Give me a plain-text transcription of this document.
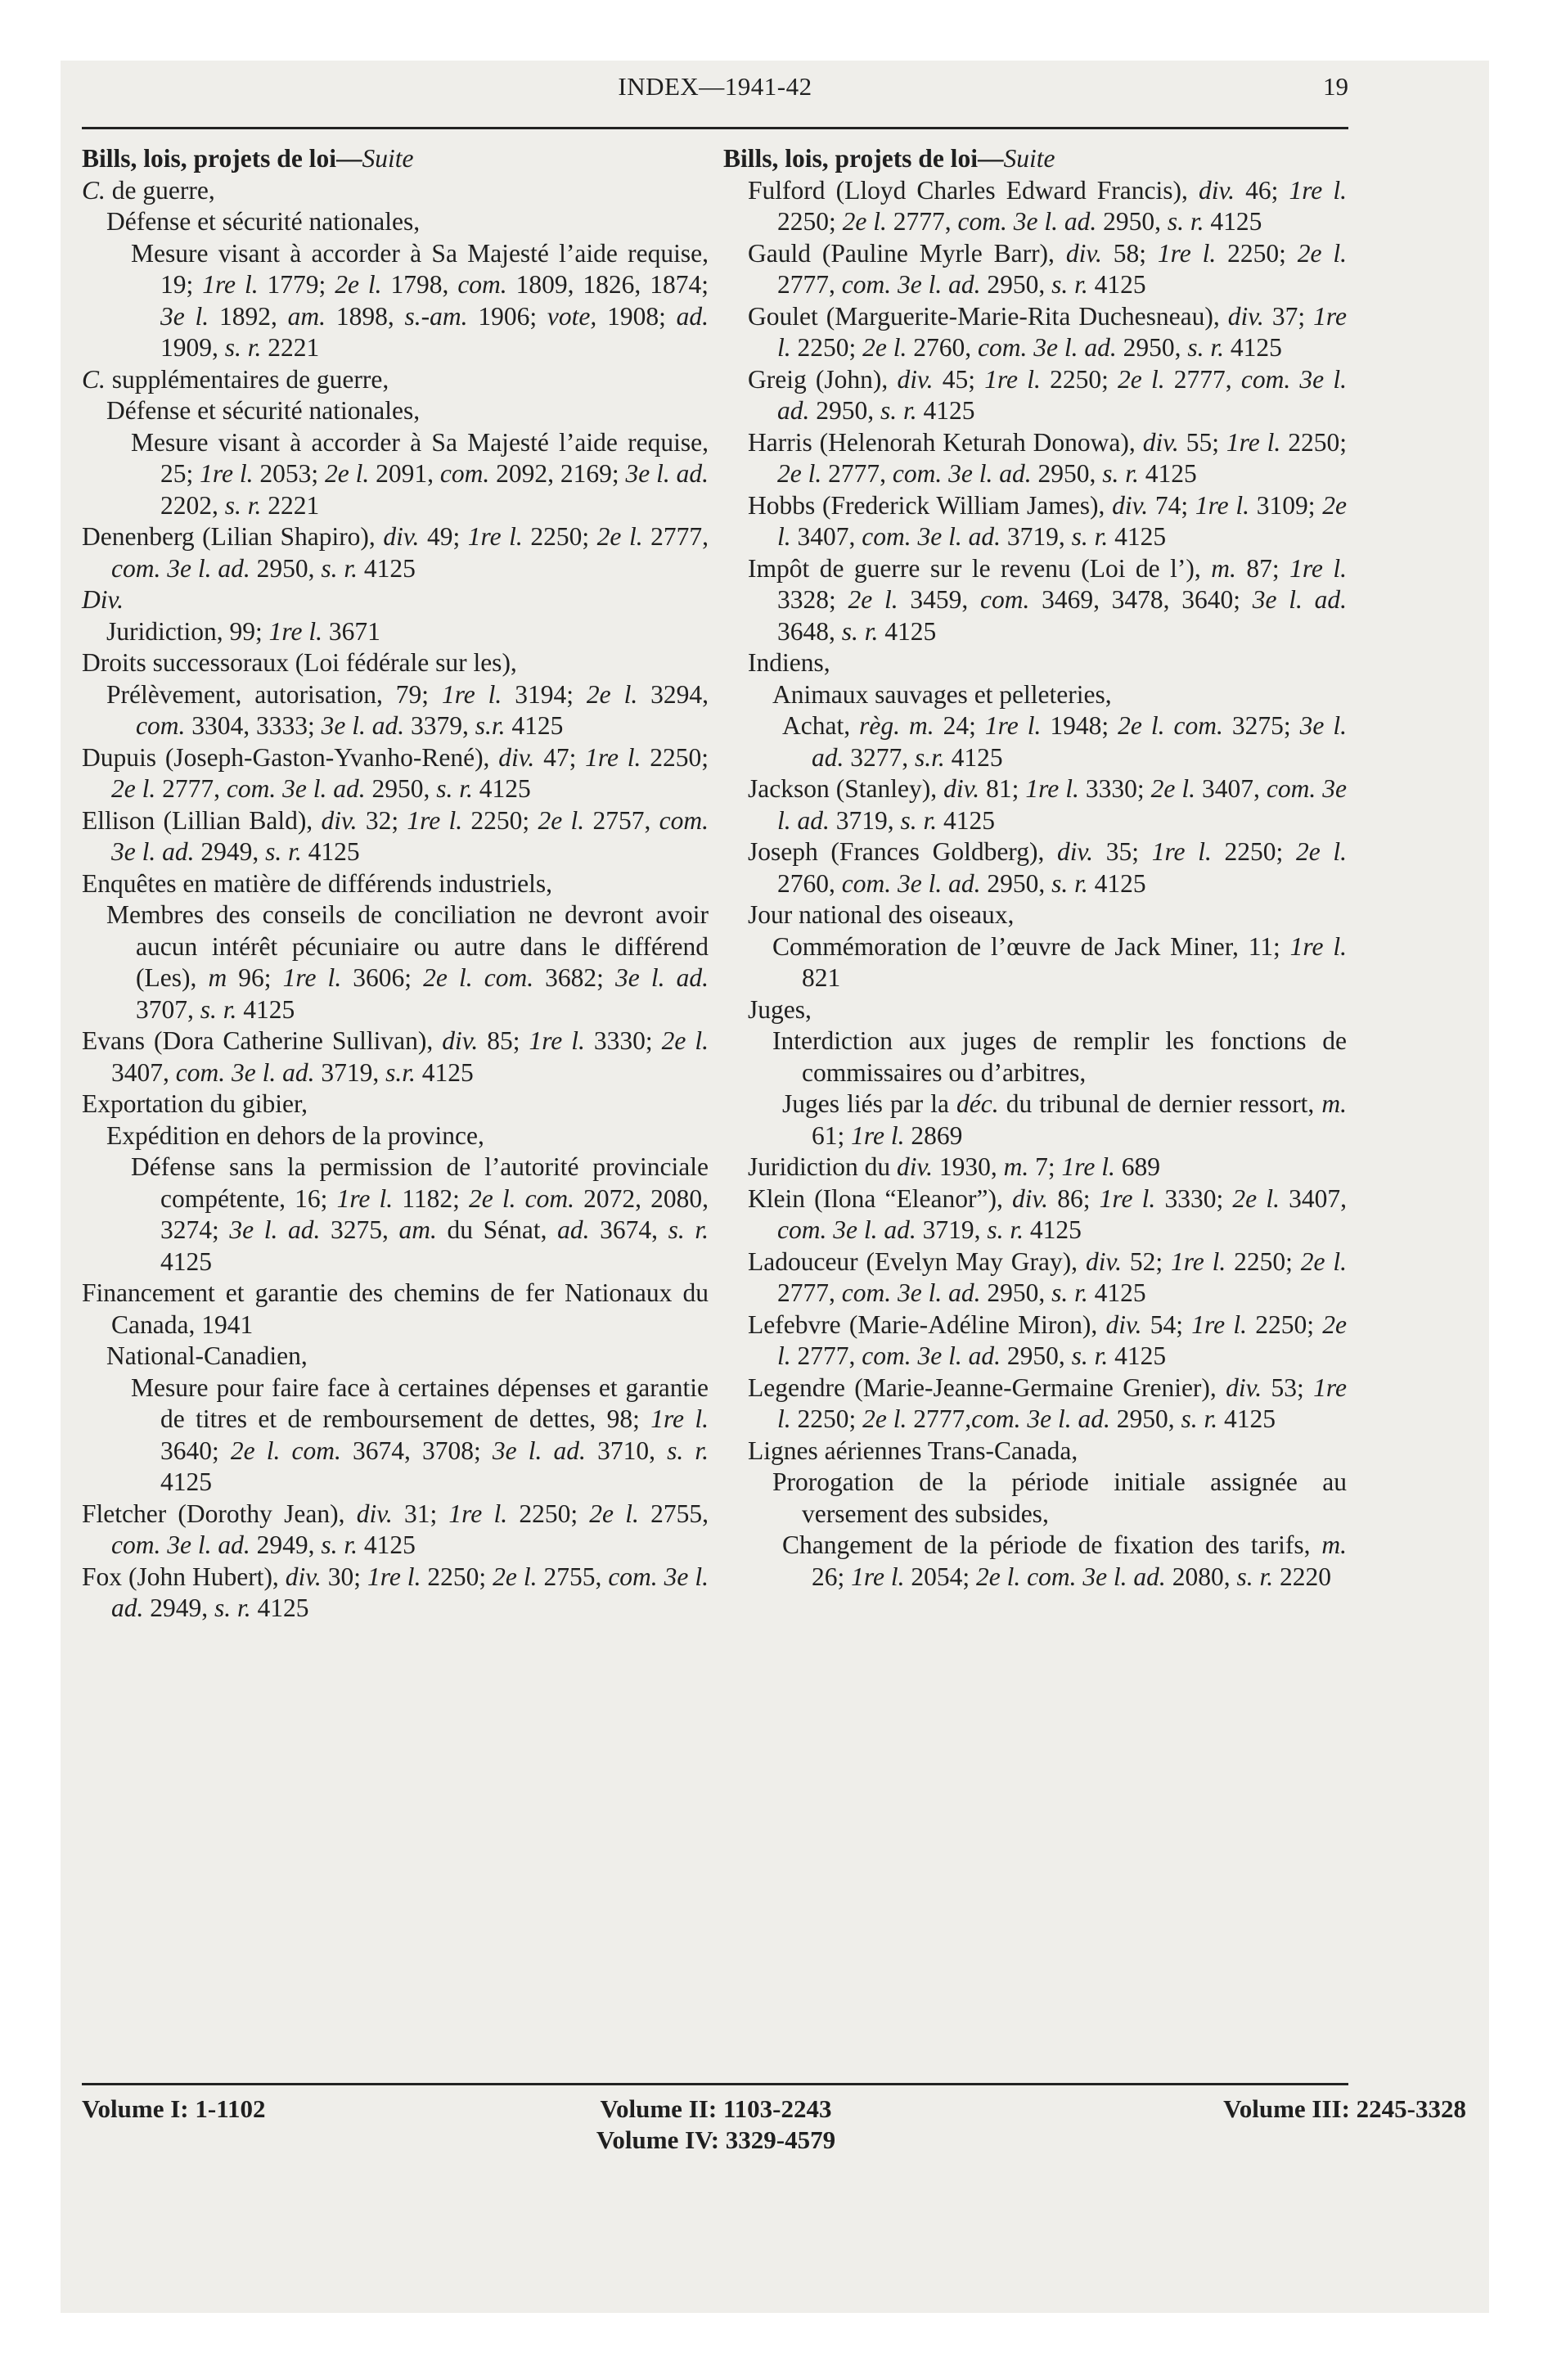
INDEX—1941-42	19

Bills, lois, projets de loi—Suite

C. de guerre,

Défense et sécurité nationales,

Mesure visant à accorder à Sa Majesté l’aide requise, 19; 1re l. 1779; 2e l. 1798, com. 1809, 1826, 1874; 3e l. 1892, am. 1898, s.-am. 1906; vote, 1908; ad. 1909, s. r. 2221

C. supplémentaires de guerre,

Défense et sécurité nationales,

Mesure visant à accorder à Sa Majesté l’aide requise, 25; 1re l. 2053; 2e l. 2091, com. 2092, 2169; 3e l. ad. 2202, s. r. 2221

Denenberg (Lilian Shapiro), div. 49; 1re l. 2250; 2e l. 2777, com. 3e l. ad. 2950, s. r. 4125

Div.

Juridiction, 99; 1re l. 3671

Droits successoraux (Loi fédérale sur les),

Prélèvement, autorisation, 79; 1re l. 3194; 2e l. 3294, com. 3304, 3333; 3e l. ad. 3379, s.r. 4125

Dupuis (Joseph-Gaston-Yvanho-René), div. 47; 1re l. 2250; 2e l. 2777, com. 3e l. ad. 2950, s. r. 4125

Ellison (Lillian Bald), div. 32; 1re l. 2250; 2e l. 2757, com. 3e l. ad. 2949, s. r. 4125

Enquêtes en matière de différends industriels,

Membres des conseils de conciliation ne devront avoir aucun intérêt pécuniaire ou autre dans le différend (Les), m 96; 1re l. 3606; 2e l. com. 3682; 3e l. ad. 3707, s. r. 4125

Evans (Dora Catherine Sullivan), div. 85; 1re l. 3330; 2e l. 3407, com. 3e l. ad. 3719, s.r. 4125

Exportation du gibier,

Expédition en dehors de la province,

Défense sans la permission de l’autorité provinciale compétente, 16; 1re l. 1182; 2e l. com. 2072, 2080, 3274; 3e l. ad. 3275, am. du Sénat, ad. 3674, s. r. 4125

Financement et garantie des chemins de fer Nationaux du Canada, 1941

National-Canadien,

Mesure pour faire face à certaines dépenses et garantie de titres et de remboursement de dettes, 98; 1re l. 3640; 2e l. com. 3674, 3708; 3e l. ad. 3710, s. r. 4125

Fletcher (Dorothy Jean), div. 31; 1re l. 2250; 2e l. 2755, com. 3e l. ad. 2949, s. r. 4125

Fox (John Hubert), div. 30; 1re l. 2250; 2e l. 2755, com. 3e l. ad. 2949, s. r. 4125

Bills, lois, projets de loi—Suite

Fulford (Lloyd Charles Edward Francis), div. 46; 1re l. 2250; 2e l. 2777, com. 3e l. ad. 2950, s. r. 4125

Gauld (Pauline Myrle Barr), div. 58; 1re l. 2250; 2e l. 2777, com. 3e l. ad. 2950, s. r. 4125

Goulet (Marguerite-Marie-Rita Duchesneau), div. 37; 1re l. 2250; 2e l. 2760, com. 3e l. ad. 2950, s. r. 4125

Greig (John), div. 45; 1re l. 2250; 2e l. 2777, com. 3e l. ad. 2950, s. r. 4125

Harris (Helenorah Keturah Donowa), div. 55; 1re l. 2250; 2e l. 2777, com. 3e l. ad. 2950, s. r. 4125

Hobbs (Frederick William James), div. 74; 1re l. 3109; 2e l. 3407, com. 3e l. ad. 3719, s. r. 4125

Impôt de guerre sur le revenu (Loi de l’), m. 87; 1re l. 3328; 2e l. 3459, com. 3469, 3478, 3640; 3e l. ad. 3648, s. r. 4125

Indiens,

Animaux sauvages et pelleteries,

Achat, règ. m. 24; 1re l. 1948; 2e l. com. 3275; 3e l. ad. 3277, s.r. 4125

Jackson (Stanley), div. 81; 1re l. 3330; 2e l. 3407, com. 3e l. ad. 3719, s. r. 4125

Joseph (Frances Goldberg), div. 35; 1re l. 2250; 2e l. 2760, com. 3e l. ad. 2950, s. r. 4125

Jour national des oiseaux,

Commémoration de l’œuvre de Jack Miner, 11; 1re l. 821

Juges,

Interdiction aux juges de remplir les fonctions de commissaires ou d’arbitres,

Juges liés par la déc. du tribunal de dernier ressort, m. 61; 1re l. 2869

Juridiction du div. 1930, m. 7; 1re l. 689

Klein (Ilona “Eleanor”), div. 86; 1re l. 3330; 2e l. 3407, com. 3e l. ad. 3719, s. r. 4125

Ladouceur (Evelyn May Gray), div. 52; 1re l. 2250; 2e l. 2777, com. 3e l. ad. 2950, s. r. 4125

Lefebvre (Marie-Adéline Miron), div. 54; 1re l. 2250; 2e l. 2777, com. 3e l. ad. 2950, s. r. 4125

Legendre (Marie-Jeanne-Germaine Grenier), div. 53; 1re l. 2250; 2e l. 2777,com. 3e l. ad. 2950, s. r. 4125

Lignes aériennes Trans-Canada,

Prorogation de la période initiale assignée au versement des subsides,

Changement de la période de fixation des tarifs, m. 26; 1re l. 2054; 2e l. com. 3e l. ad. 2080, s. r. 2220

Volume I: 1-1102	Volume II: 1103-2243
Volume IV: 3329-4579
Volume III: 2245-3328
